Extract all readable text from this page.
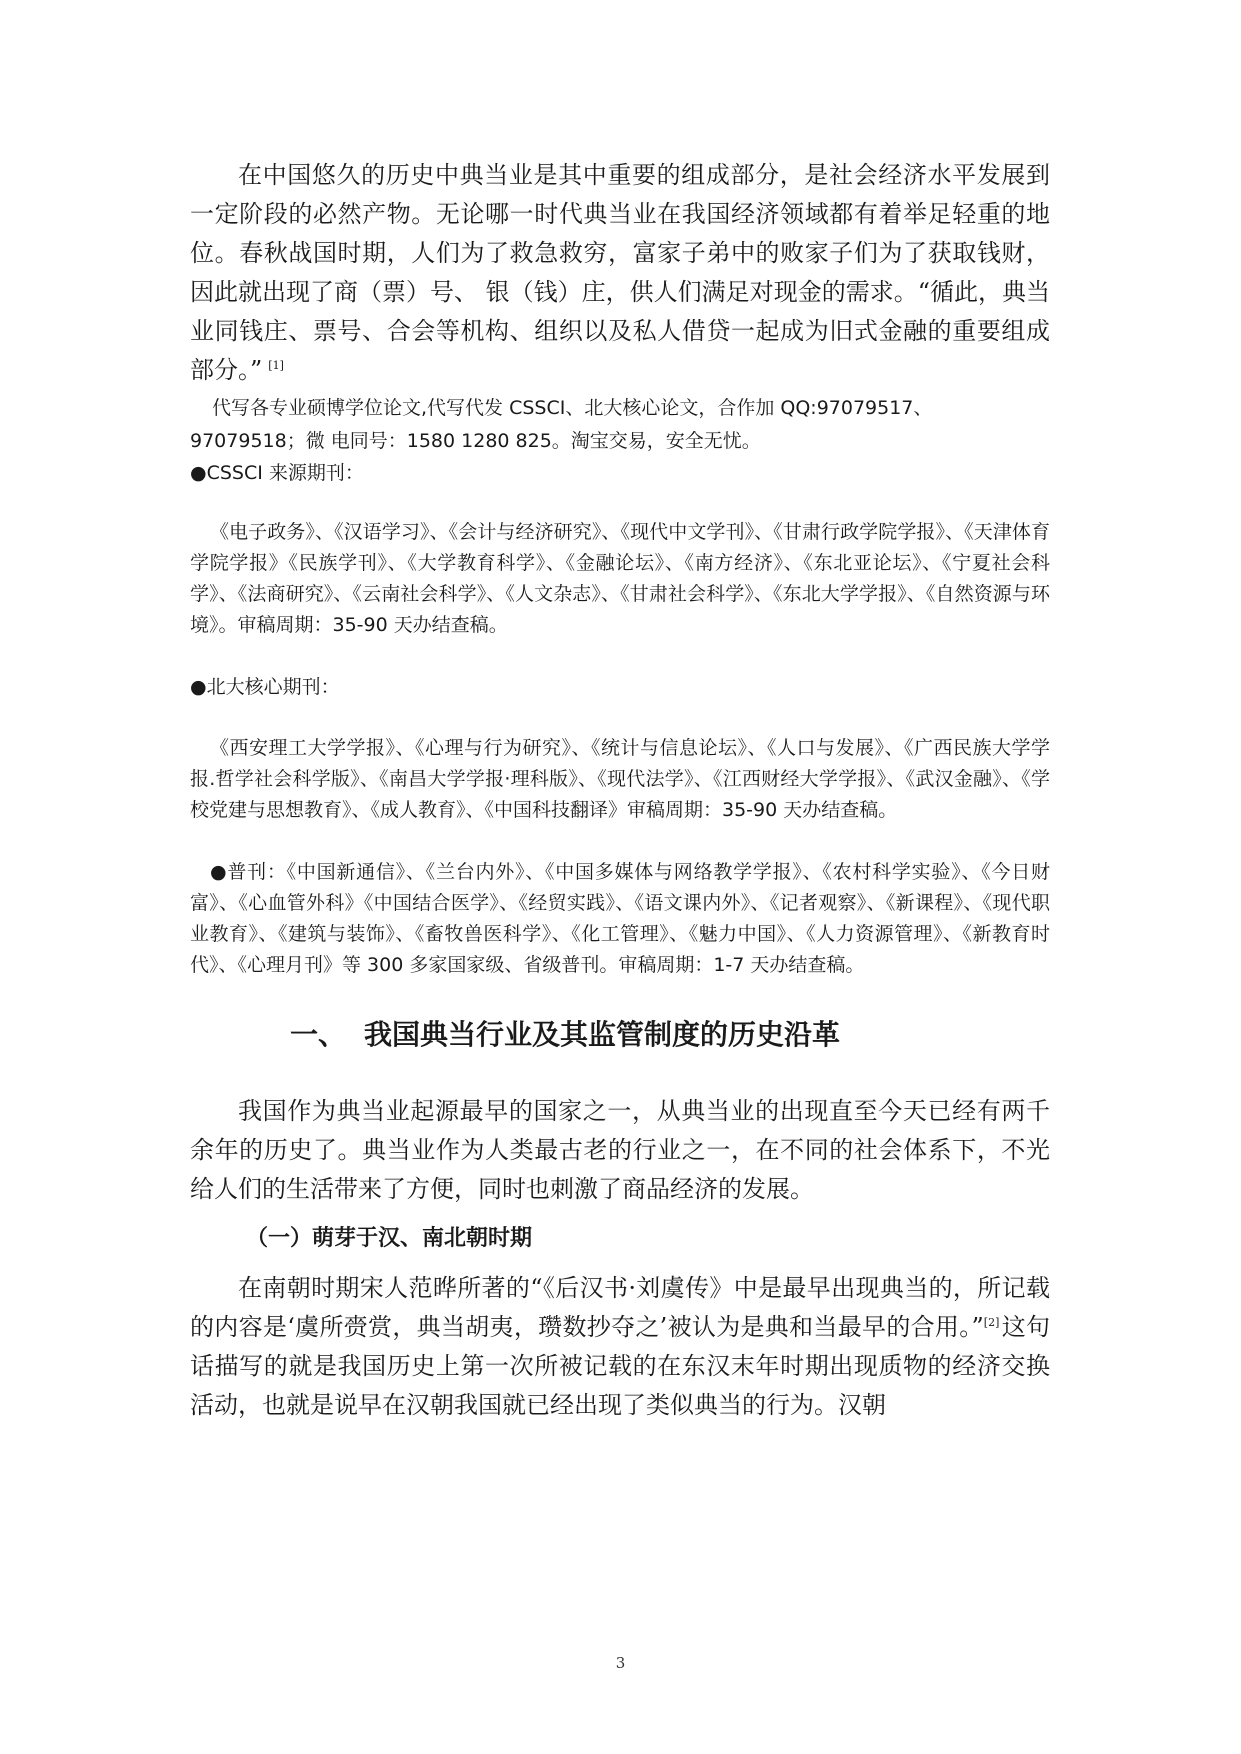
在中国悠久的历史中典当业是其中重要的组成部分，是社会经济水平发展到一定阶段的必然产物。无论哪一时代典当业在我国经济领域都有着举足轻重的地位。春秋战国时期，人们为了救急救穷，富家子弟中的败家子们为了获取钱财，因此就出现了商（票）号、 银（钱）庄，供人们满足对现金的需求。“循此，典当业同钱庄、票号、合会等机构、组织以及私人借贷一起成为旧式金融的重要组成部分。” [1]

代写各专业硕博学位论文,代写代发 CSSCI、北大核心论文，合作加 QQ:97079517、

97079518；微 电同号：1580 1280 825。淘宝交易，安全无忧。

●CSSCI 来源期刊：

《电子政务》、《汉语学习》、《会计与经济研究》、《现代中文学刊》、《甘肃行政学院学报》、《天津体育学院学报》《民族学刊》、《大学教育科学》、《金融论坛》、《南方经济》、《东北亚论坛》、《宁夏社会科学》、《法商研究》、《云南社会科学》、《人文杂志》、《甘肃社会科学》、《东北大学学报》、《自然资源与环境》。审稿周期：35-90 天办结查稿。

●北大核心期刊：

《西安理工大学学报》、《心理与行为研究》、《统计与信息论坛》、《人口与发展》、《广西民族大学学报.哲学社会科学版》、《南昌大学学报·理科版》、《现代法学》、《江西财经大学学报》、《武汉金融》、《学校党建与思想教育》、《成人教育》、《中国科技翻译》审稿周期：35-90 天办结查稿。

●普刊：《中国新通信》、《兰台内外》、《中国多媒体与网络教学学报》、《农村科学实验》、《今日财富》、《心血管外科》《中国结合医学》、《经贸实践》、《语文课内外》、《记者观察》、《新课程》、《现代职业教育》、《建筑与装饰》、《畜牧兽医科学》、《化工管理》、《魅力中国》、《人力资源管理》、《新教育时代》、《心理月刊》等 300 多家国家级、省级普刊。审稿周期：1-7 天办结查稿。

一、 我国典当行业及其监管制度的历史沿革

我国作为典当业起源最早的国家之一，从典当业的出现直至今天已经有两千余年的历史了。典当业作为人类最古老的行业之一，在不同的社会体系下，不光给人们的生活带来了方便，同时也刺激了商品经济的发展。

（一）萌芽于汉、南北朝时期

在南朝时期宋人范晔所著的“《后汉书·刘虞传》中是最早出现典当的，所记载的内容是‘虞所赍赏，典当胡夷，瓒数抄夺之’被认为是典和当最早的合用。”[2]这句话描写的就是我国历史上第一次所被记载的在东汉末年时期出现质物的经济交换活动，也就是说早在汉朝我国就已经出现了类似典当的行为。汉朝

3
